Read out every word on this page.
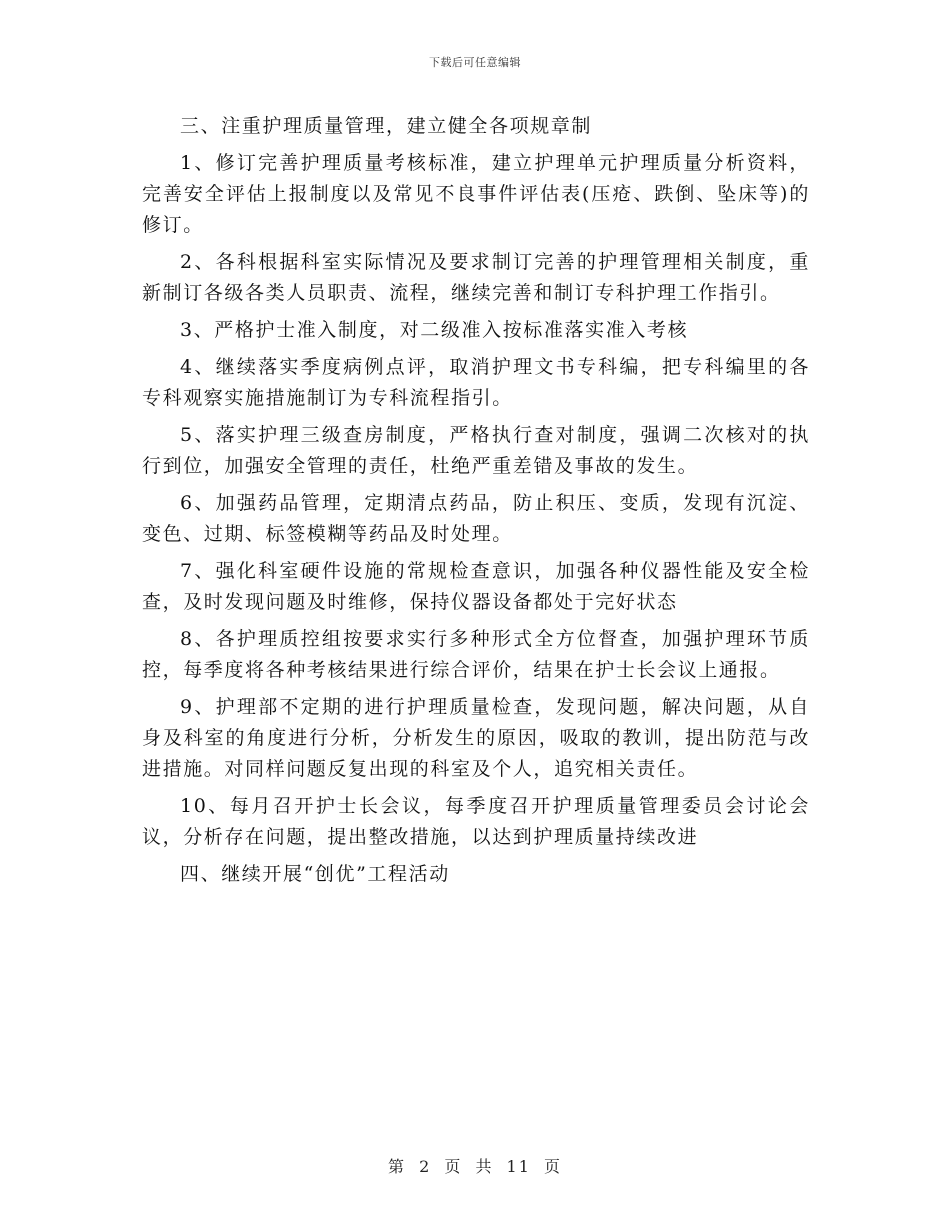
下载后可任意编辑

三、注重护理质量管理，建立健全各项规章制

1、修订完善护理质量考核标准，建立护理单元护理质量分析资料，完善安全评估上报制度以及常见不良事件评估表(压疮、跌倒、坠床等)的修订。

2、各科根据科室实际情况及要求制订完善的护理管理相关制度，重新制订各级各类人员职责、流程，继续完善和制订专科护理工作指引。

3、严格护士准入制度，对二级准入按标准落实准入考核

4、继续落实季度病例点评，取消护理文书专科编，把专科编里的各专科观察实施措施制订为专科流程指引。

5、落实护理三级查房制度，严格执行查对制度，强调二次核对的执行到位，加强安全管理的责任，杜绝严重差错及事故的发生。

6、加强药品管理，定期清点药品，防止积压、变质，发现有沉淀、变色、过期、标签模糊等药品及时处理。

7、强化科室硬件设施的常规检查意识，加强各种仪器性能及安全检查，及时发现问题及时维修，保持仪器设备都处于完好状态

8、各护理质控组按要求实行多种形式全方位督查，加强护理环节质控，每季度将各种考核结果进行综合评价，结果在护士长会议上通报。

9、护理部不定期的进行护理质量检查，发现问题，解决问题，从自身及科室的角度进行分析，分析发生的原因，吸取的教训，提出防范与改进措施。对同样问题反复出现的科室及个人，追究相关责任。

10、每月召开护士长会议，每季度召开护理质量管理委员会讨论会议，分析存在问题，提出整改措施，以达到护理质量持续改进

四、继续开展“创优”工程活动

第 2 页 共 11 页
